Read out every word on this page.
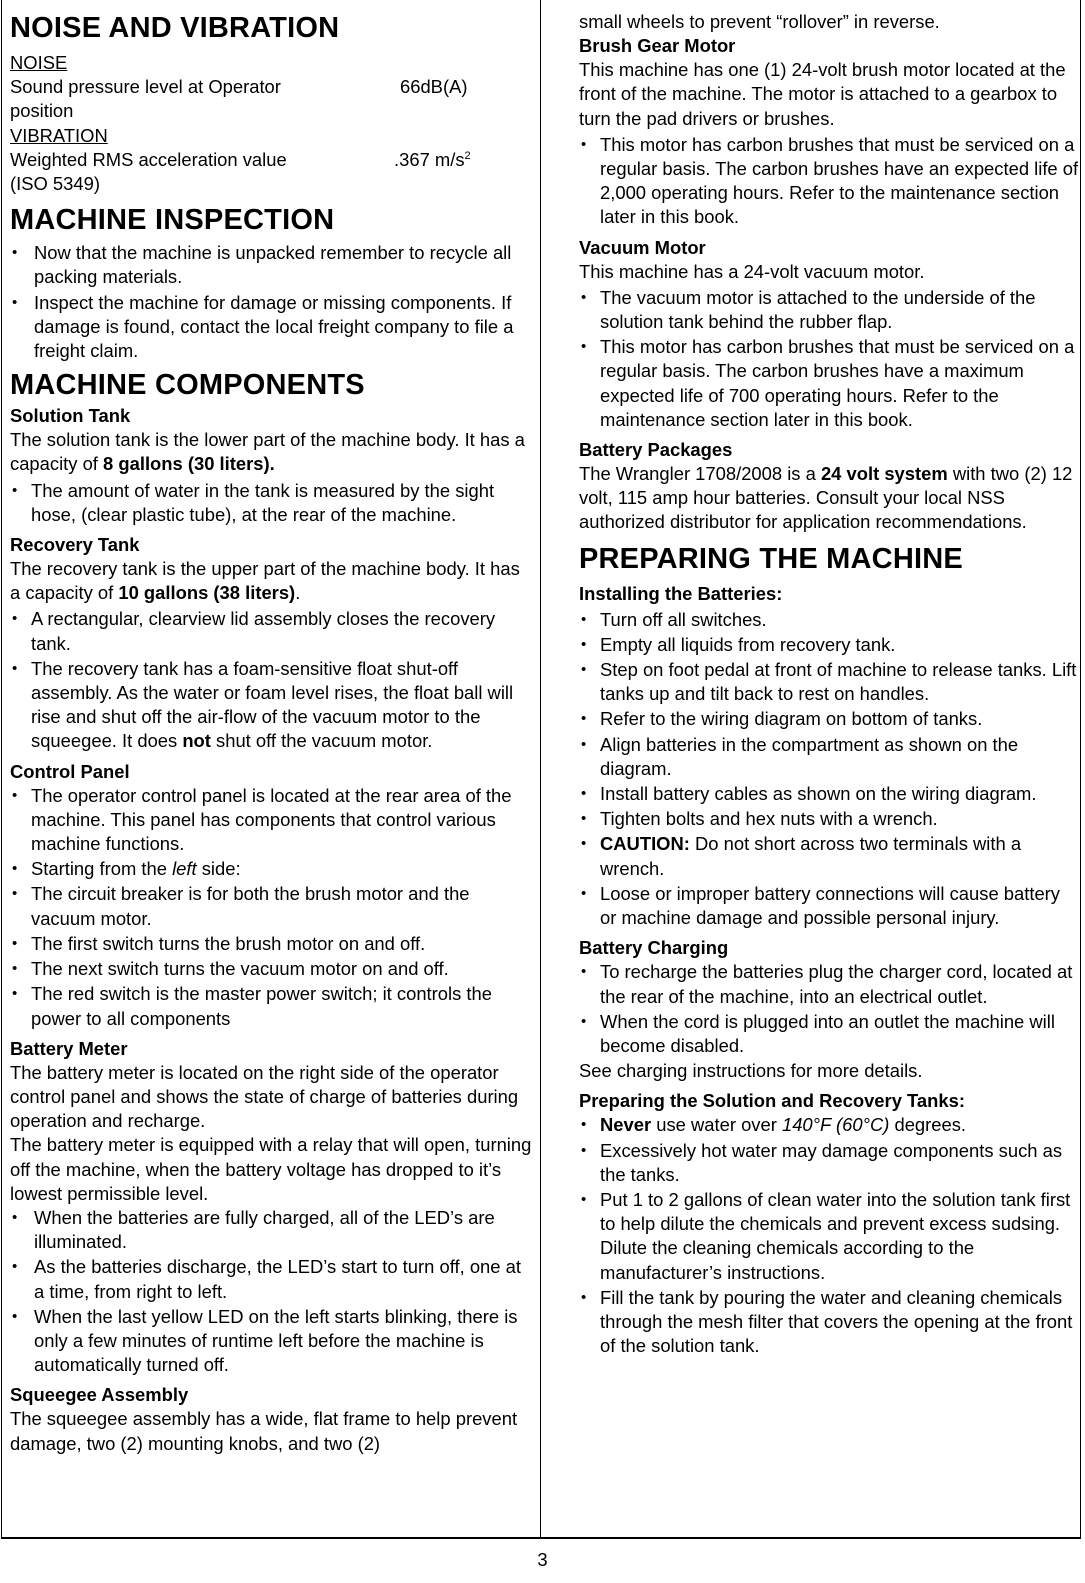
NOISE AND VIBRATION

NOISE

Sound pressure level at Operator	66dB(A)

position

VIBRATION

Weighted RMS acceleration value	.367 $m/s^2$

(ISO 5349)

MACHINE INSPECTION
• Now that the machine is unpacked remember to recycle all packing materials.
• Inspect the machine for damage or missing components. If damage is found, contact the local freight company to file a freight claim.
MACHINE COMPONENTS
Solution Tank

The solution tank is the lower part of the machine body. It has a capacity of 8 gallons (30 liters).

• The amount of water in the tank is measured by the sight hose, (clear plastic tube), at the rear of the machine.
Recovery Tank

The recovery tank is the upper part of the machine body. It has a capacity of 10 gallons (38 liters).

• A rectangular, clearview lid assembly closes the recovery tank.
• The recovery tank has a foam-sensitive float shut-off assembly. As the water or foam level rises, the float ball will rise and shut off the air-flow of the vacuum motor to the squeegee. It does not shut off the vacuum motor.
Control Panel
• The operator control panel is located at the rear area of the machine. This panel has components that control various machine functions.
• Starting from the left side:
• The circuit breaker is for both the brush motor and the vacuum motor.
• The first switch turns the brush motor on and off.
• The next switch turns the vacuum motor on and off.
• The red switch is the master power switch; it controls the power to all components
Battery Meter

The battery meter is located on the right side of the operator control panel and shows the state of charge of batteries during operation and recharge.

The battery meter is equipped with a relay that will open, turning off the machine, when the battery voltage has dropped to it’s lowest permissible level.

• When the batteries are fully charged, all of the LED’s are illuminated.
• As the batteries discharge, the LED’s start to turn off, one at a time, from right to left.
• When the last yellow LED on the left starts blinking, there is only a few minutes of runtime left before the machine is automatically turned off.
Squeegee Assembly

The squeegee assembly has a wide, flat frame to help prevent damage, two (2) mounting knobs, and two (2)

small wheels to prevent “rollover” in reverse.

Brush Gear Motor

This machine has one (1) 24-volt brush motor located at the front of the machine. The motor is attached to a gearbox to turn the pad drivers or brushes.

• This motor has carbon brushes that must be serviced on a regular basis. The carbon brushes have an expected life of 2,000 operating hours. Refer to the maintenance section later in this book.
Vacuum Motor

This machine has a 24-volt vacuum motor.

• The vacuum motor is attached to the underside of the solution tank behind the rubber flap.
• This motor has carbon brushes that must be serviced on a regular basis. The carbon brushes have a maximum expected life of 700 operating hours. Refer to the maintenance section later in this book.
Battery Packages

The Wrangler 1708/2008 is a 24 volt system with two (2) 12 volt, 115 amp hour batteries. Consult your local NSS authorized distributor for application recommendations.

PREPARING THE MACHINE
Installing the Batteries:
• Turn off all switches.
• Empty all liquids from recovery tank.
• Step on foot pedal at front of machine to release tanks. Lift tanks up and tilt back to rest on handles.
• Refer to the wiring diagram on bottom of tanks.
• Align batteries in the compartment as shown on the diagram.
• Install battery cables as shown on the wiring diagram.
• Tighten bolts and hex nuts with a wrench.
• CAUTION: Do not short across two terminals with a wrench.
• Loose or improper battery connections will cause battery or machine damage and possible personal injury.
Battery Charging
• To recharge the batteries plug the charger cord, located at the rear of the machine, into an electrical outlet.
• When the cord is plugged into an outlet the machine will become disabled.

See charging instructions for more details.

Preparing the Solution and Recovery Tanks:
• Never use water over 140°F (60°C) degrees.
• Excessively hot water may damage components such as the tanks.
• Put 1 to 2 gallons of clean water into the solution tank first to help dilute the chemicals and prevent excess sudsing. Dilute the cleaning chemicals according to the manufacturer’s instructions.
• Fill the tank by pouring the water and cleaning chemicals through the mesh filter that covers the opening at the front of the solution tank.
3
